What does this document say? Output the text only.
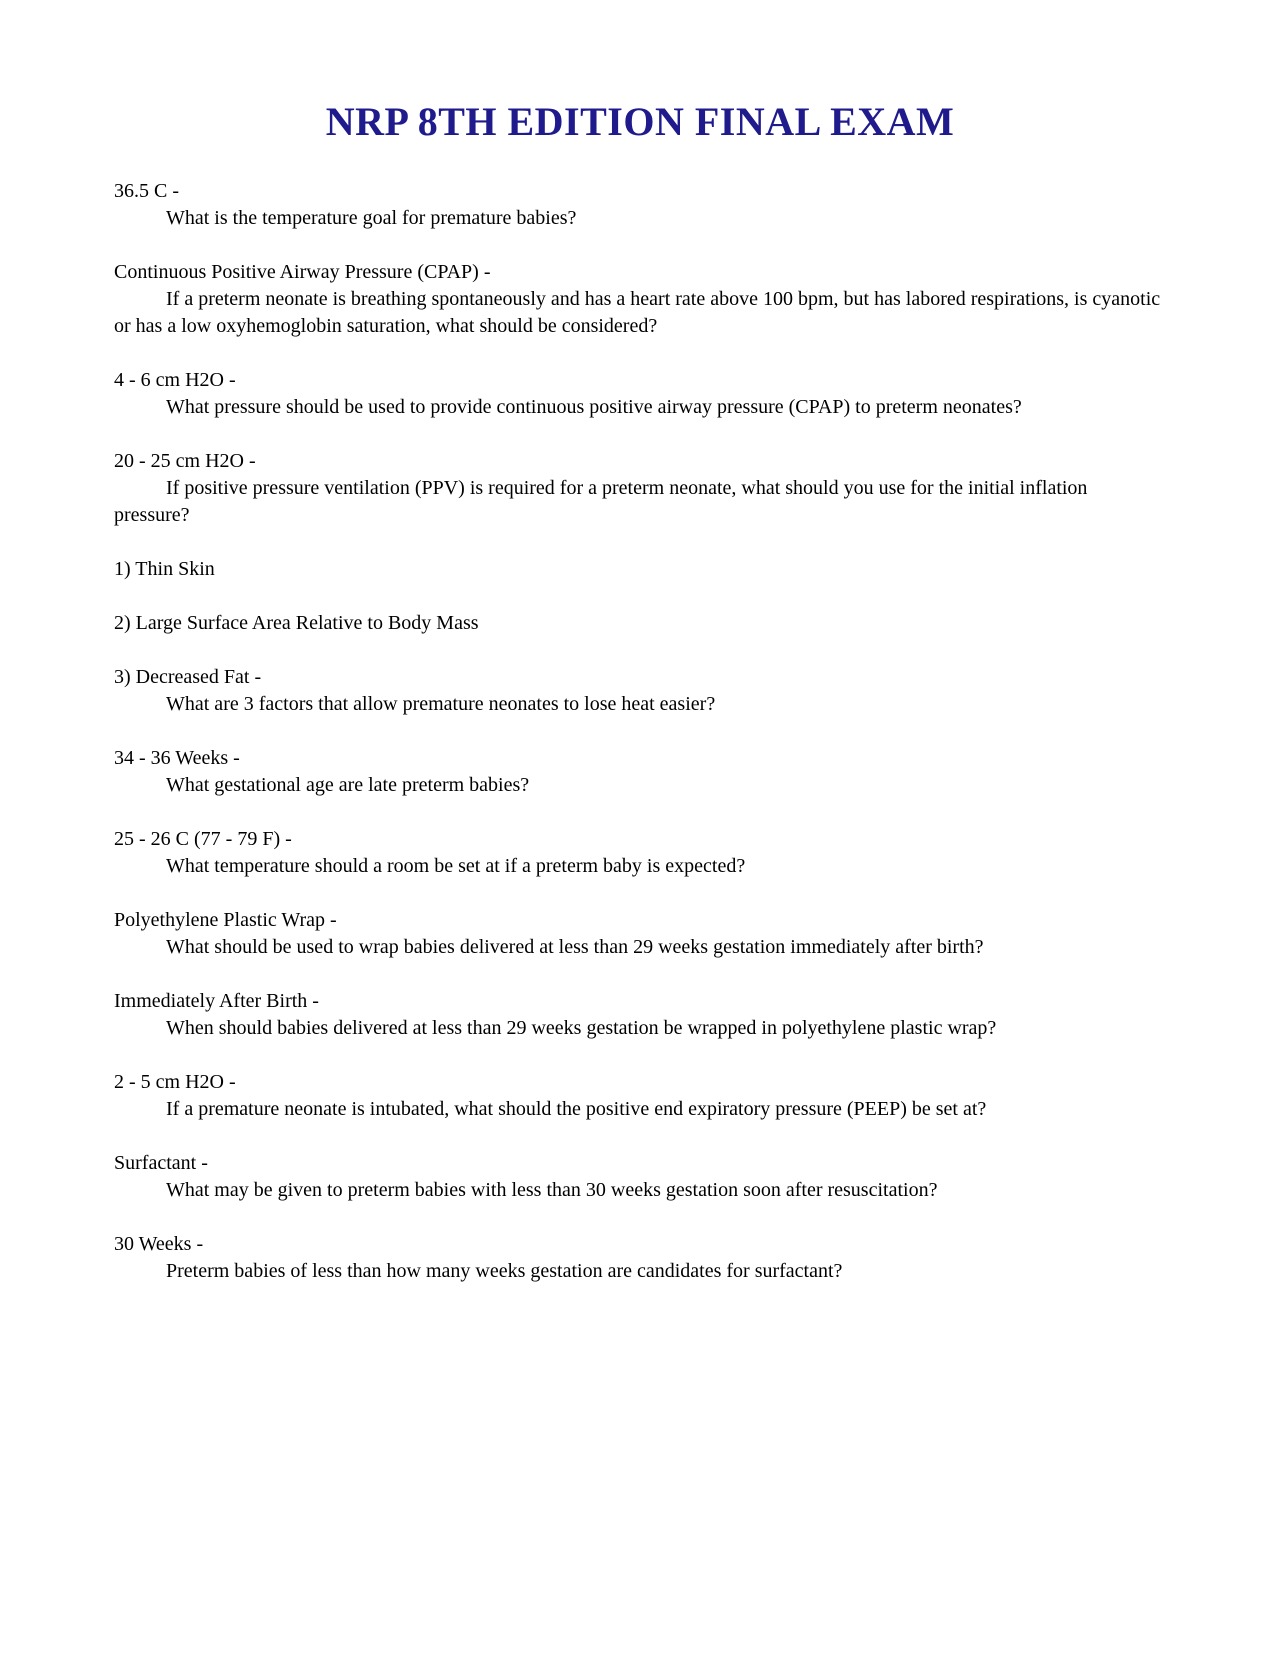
NRP 8TH EDITION FINAL EXAM
36.5 C -
What is the temperature goal for premature babies?
Continuous Positive Airway Pressure (CPAP) -
If a preterm neonate is breathing spontaneously and has a heart rate above 100 bpm, but has labored respirations, is cyanotic or has a low oxyhemoglobin saturation, what should be considered?
4 - 6 cm H2O -
What pressure should be used to provide continuous positive airway pressure (CPAP) to preterm neonates?
20 - 25 cm H2O -
If positive pressure ventilation (PPV) is required for a preterm neonate, what should you use for the initial inflation pressure?
1) Thin Skin
2) Large Surface Area Relative to Body Mass
3) Decreased Fat -
What are 3 factors that allow premature neonates to lose heat easier?
34 - 36 Weeks -
What gestational age are late preterm babies?
25 - 26 C (77 - 79 F) -
What temperature should a room be set at if a preterm baby is expected?
Polyethylene Plastic Wrap -
What should be used to wrap babies delivered at less than 29 weeks gestation immediately after birth?
Immediately After Birth -
When should babies delivered at less than 29 weeks gestation be wrapped in polyethylene plastic wrap?
2 - 5 cm H2O -
If a premature neonate is intubated, what should the positive end expiratory pressure (PEEP) be set at?
Surfactant -
What may be given to preterm babies with less than 30 weeks gestation soon after resuscitation?
30 Weeks -
Preterm babies of less than how many weeks gestation are candidates for surfactant?
